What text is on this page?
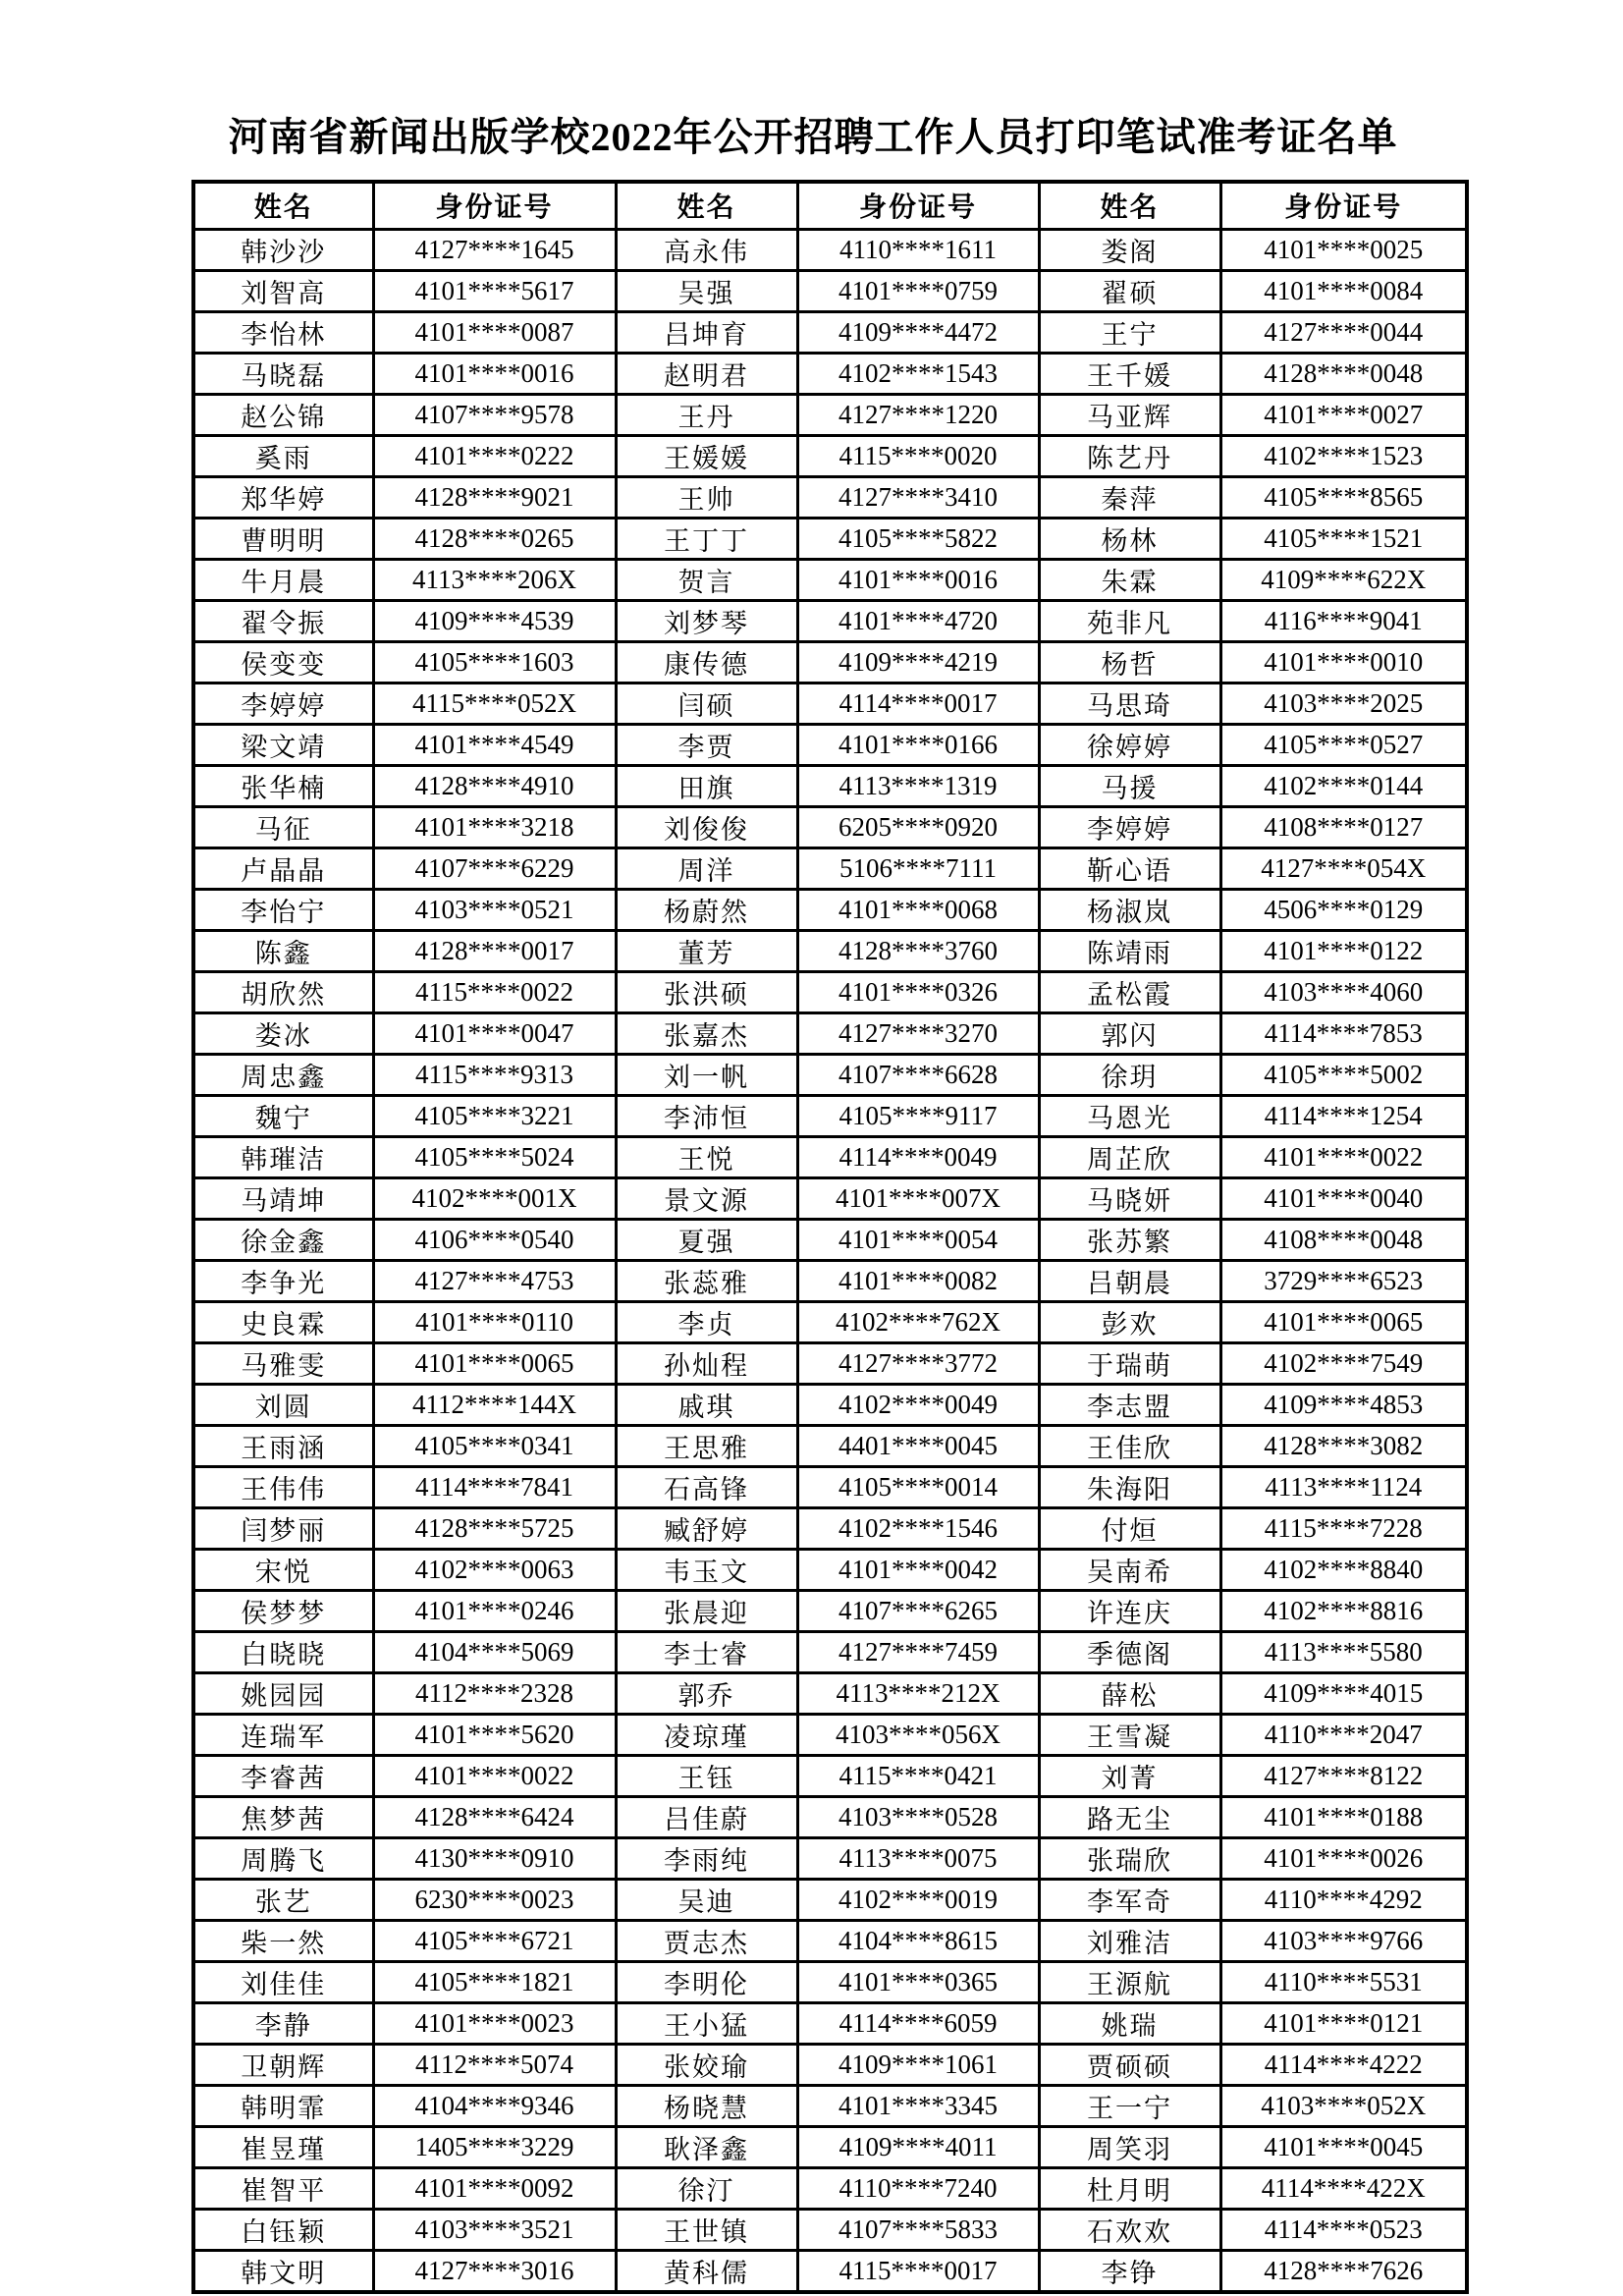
河南省新闻出版学校2022年公开招聘工作人员打印笔试准考证名单
姓名	身份证号	姓名	身份证号	姓名	身份证号
韩沙沙	4127****1645	高永伟	4110****1611	娄阁	4101****0025
刘智高	4101****5617	吴强	4101****0759	翟硕	4101****0084
李怡林	4101****0087	吕坤育	4109****4472	王宁	4127****0044
马晓磊	4101****0016	赵明君	4102****1543	王千媛	4128****0048
赵公锦	4107****9578	王丹	4127****1220	马亚辉	4101****0027
奚雨	4101****0222	王媛媛	4115****0020	陈艺丹	4102****1523
郑华婷	4128****9021	王帅	4127****3410	秦萍	4105****8565
曹明明	4128****0265	王丁丁	4105****5822	杨林	4105****1521
牛月晨	4113****206X	贺言	4101****0016	朱霖	4109****622X
翟令振	4109****4539	刘梦琴	4101****4720	苑非凡	4116****9041
侯变变	4105****1603	康传德	4109****4219	杨哲	4101****0010
李婷婷	4115****052X	闫硕	4114****0017	马思琦	4103****2025
梁文靖	4101****4549	李贾	4101****0166	徐婷婷	4105****0527
张华楠	4128****4910	田旗	4113****1319	马援	4102****0144
马征	4101****3218	刘俊俊	6205****0920	李婷婷	4108****0127
卢晶晶	4107****6229	周洋	5106****7111	靳心语	4127****054X
李怡宁	4103****0521	杨蔚然	4101****0068	杨淑岚	4506****0129
陈鑫	4128****0017	董芳	4128****3760	陈靖雨	4101****0122
胡欣然	4115****0022	张洪硕	4101****0326	孟松霞	4103****4060
娄冰	4101****0047	张嘉杰	4127****3270	郭闪	4114****7853
周忠鑫	4115****9313	刘一帆	4107****6628	徐玥	4105****5002
魏宁	4105****3221	李沛恒	4105****9117	马恩光	4114****1254
韩璀洁	4105****5024	王悦	4114****0049	周芷欣	4101****0022
马靖坤	4102****001X	景文源	4101****007X	马晓妍	4101****0040
徐金鑫	4106****0540	夏强	4101****0054	张苏繁	4108****0048
李争光	4127****4753	张蕊雅	4101****0082	吕朝晨	3729****6523
史良霖	4101****0110	李贞	4102****762X	彭欢	4101****0065
马雅雯	4101****0065	孙灿程	4127****3772	于瑞萌	4102****7549
刘圆	4112****144X	戚琪	4102****0049	李志盟	4109****4853
王雨涵	4105****0341	王思雅	4401****0045	王佳欣	4128****3082
王伟伟	4114****7841	石高锋	4105****0014	朱海阳	4113****1124
闫梦丽	4128****5725	臧舒婷	4102****1546	付烜	4115****7228
宋悦	4102****0063	韦玉文	4101****0042	吴南希	4102****8840
侯梦梦	4101****0246	张晨迎	4107****6265	许连庆	4102****8816
白晓晓	4104****5069	李士睿	4127****7459	季德阁	4113****5580
姚园园	4112****2328	郭乔	4113****212X	薛松	4109****4015
连瑞军	4101****5620	凌琼瑾	4103****056X	王雪凝	4110****2047
李睿茜	4101****0022	王钰	4115****0421	刘菁	4127****8122
焦梦茜	4128****6424	吕佳蔚	4103****0528	路无尘	4101****0188
周腾飞	4130****0910	李雨纯	4113****0075	张瑞欣	4101****0026
张艺	6230****0023	吴迪	4102****0019	李军奇	4110****4292
柴一然	4105****6721	贾志杰	4104****8615	刘雅洁	4103****9766
刘佳佳	4105****1821	李明伦	4101****0365	王源航	4110****5531
李静	4101****0023	王小猛	4114****6059	姚瑞	4101****0121
卫朝辉	4112****5074	张姣瑜	4109****1061	贾硕硕	4114****4222
韩明霏	4104****9346	杨晓慧	4101****3345	王一宁	4103****052X
崔昱瑾	1405****3229	耿泽鑫	4109****4011	周笑羽	4101****0045
崔智平	4101****0092	徐汀	4110****7240	杜月明	4114****422X
白钰颖	4103****3521	王世镇	4107****5833	石欢欢	4114****0523
韩文明	4127****3016	黄科儒	4115****0017	李铮	4128****7626
